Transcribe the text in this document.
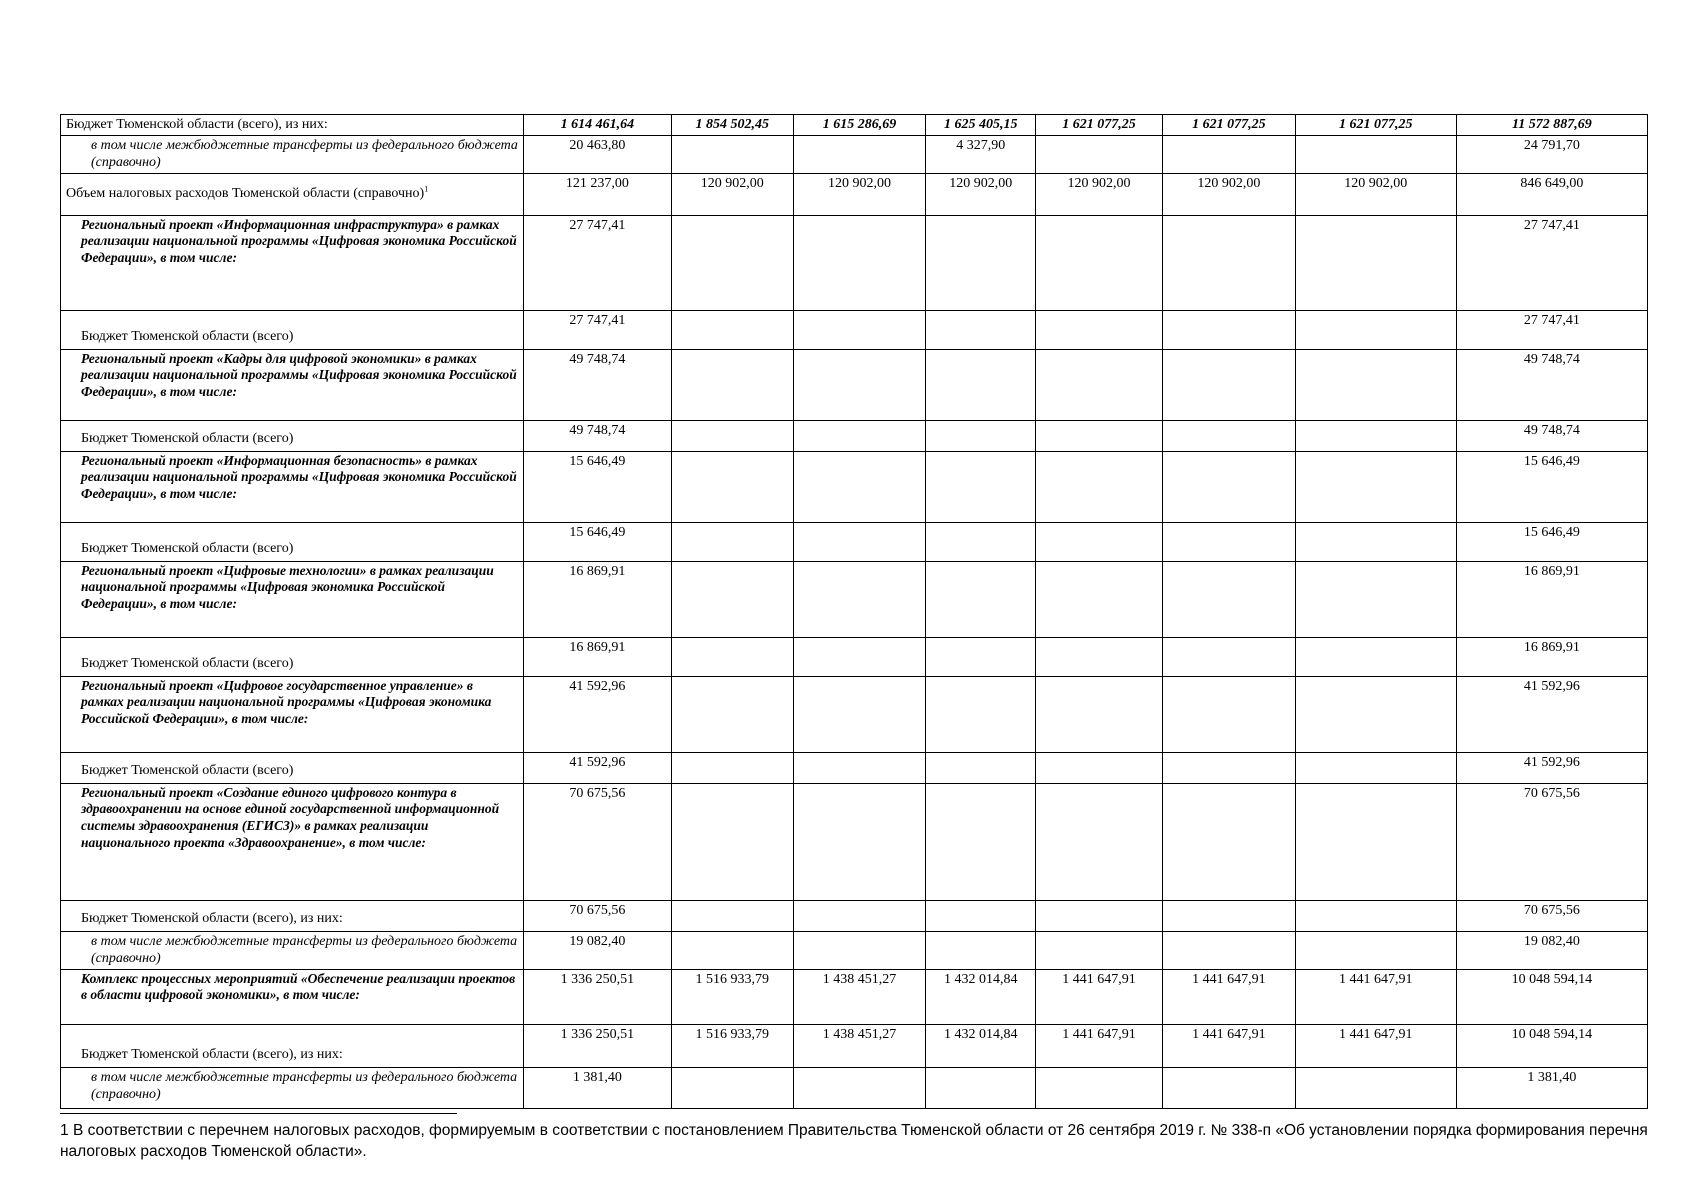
Бюджет Тюменской области (всего), из них:	1 614 461,64	1 854 502,45	1 615 286,69	1 625 405,15	1 621 077,25	1 621 077,25	1 621 077,25	11 572 887,69
в том числе межбюджетные трансферты из федерального бюджета (справочно)	20 463,80			4 327,90				24 791,70
Объем налоговых расходов Тюменской области (справочно)$^1$	121 237,00	120 902,00	120 902,00	120 902,00	120 902,00	120 902,00	120 902,00	846 649,00
Региональный проект «Информационная инфраструктура» в рамках реализации национальной программы «Цифровая экономика Российской Федерации», в том числе:	27 747,41							27 747,41
Бюджет Тюменской области (всего)	27 747,41							27 747,41
Региональный проект «Кадры для цифровой экономики» в рамках реализации национальной программы «Цифровая экономика Российской Федерации», в том числе:	49 748,74							49 748,74
Бюджет Тюменской области (всего)	49 748,74							49 748,74
Региональный проект «Информационная безопасность» в рамках реализации национальной программы «Цифровая экономика Российской Федерации», в том числе:	15 646,49							15 646,49
Бюджет Тюменской области (всего)	15 646,49							15 646,49
Региональный проект «Цифровые технологии» в рамках реализации национальной программы «Цифровая экономика Российской Федерации», в том числе:	16 869,91							16 869,91
Бюджет Тюменской области (всего)	16 869,91							16 869,91
Региональный проект «Цифровое государственное управление» в рамках реализации национальной программы «Цифровая экономика Российской Федерации», в том числе:	41 592,96							41 592,96
Бюджет Тюменской области (всего)	41 592,96							41 592,96
Региональный проект «Создание единого цифрового контура в здравоохранении на основе единой государственной информационной системы здравоохранения (ЕГИСЗ)» в рамках реализации национального проекта «Здравоохранение», в том числе:	70 675,56							70 675,56
Бюджет Тюменской области (всего), из них:	70 675,56							70 675,56
в том числе межбюджетные трансферты из федерального бюджета (справочно)	19 082,40							19 082,40
Комплекс процессных мероприятий «Обеспечение реализации проектов в области цифровой экономики», в том числе:	1 336 250,51	1 516 933,79	1 438 451,27	1 432 014,84	1 441 647,91	1 441 647,91	1 441 647,91	10 048 594,14
Бюджет Тюменской области (всего), из них:	1 336 250,51	1 516 933,79	1 438 451,27	1 432 014,84	1 441 647,91	1 441 647,91	1 441 647,91	10 048 594,14
в том числе межбюджетные трансферты из федерального бюджета (справочно)	1 381,40							1 381,40
1 В соответствии с перечнем налоговых расходов, формируемым в соответствии с постановлением Правительства Тюменской области от 26 сентября 2019 г. № 338-п «Об установлении порядка формирования перечня налоговых расходов Тюменской области».
